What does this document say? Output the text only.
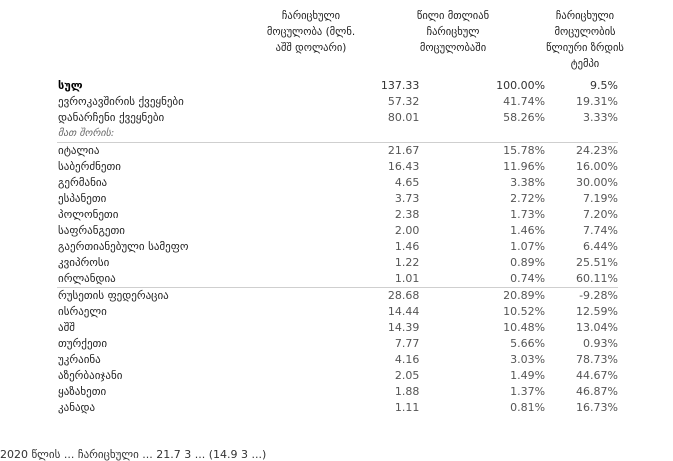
ჩარიცხული
მოცულობა (მლნ.
აშშ დოლარი)
წილი მთლიან
ჩარიცხულ
მოცულობაში
ჩარიცხული
მოცულობის
წლიური ზრდის
ტემპი
სულ	137.33	100.00%	9.5%
ევროკავშირის ქვეყნები	57.32	41.74%	19.31%
დანარჩენი ქვეყნები	80.01	58.26%	3.33%
მათ შორის:			
იტალია	21.67	15.78%	24.23%
საბერძნეთი	16.43	11.96%	16.00%
გერმანია	4.65	3.38%	30.00%
ესპანეთი	3.73	2.72%	7.19%
პოლონეთი	2.38	1.73%	7.20%
საფრანგეთი	2.00	1.46%	7.74%
გაერთიანებული სამეფო	1.46	1.07%	6.44%
კვიპროსი	1.22	0.89%	25.51%
ირლანდია	1.01	0.74%	60.11%
რუსეთის ფედერაცია	28.68	20.89%	-9.28%
ისრაელი	14.44	10.52%	12.59%
აშშ	14.39	10.48%	13.04%
თურქეთი	7.77	5.66%	0.93%
უკრაინა	4.16	3.03%	78.73%
აზერბაიჯანი	2.05	1.49%	44.67%
ყაზახეთი	1.88	1.37%	46.87%
კანადა	1.11	0.81%	16.73%
2020 წლის ... ჩარიცხული ... 21.7 3 ... (14.9 3 ...)
